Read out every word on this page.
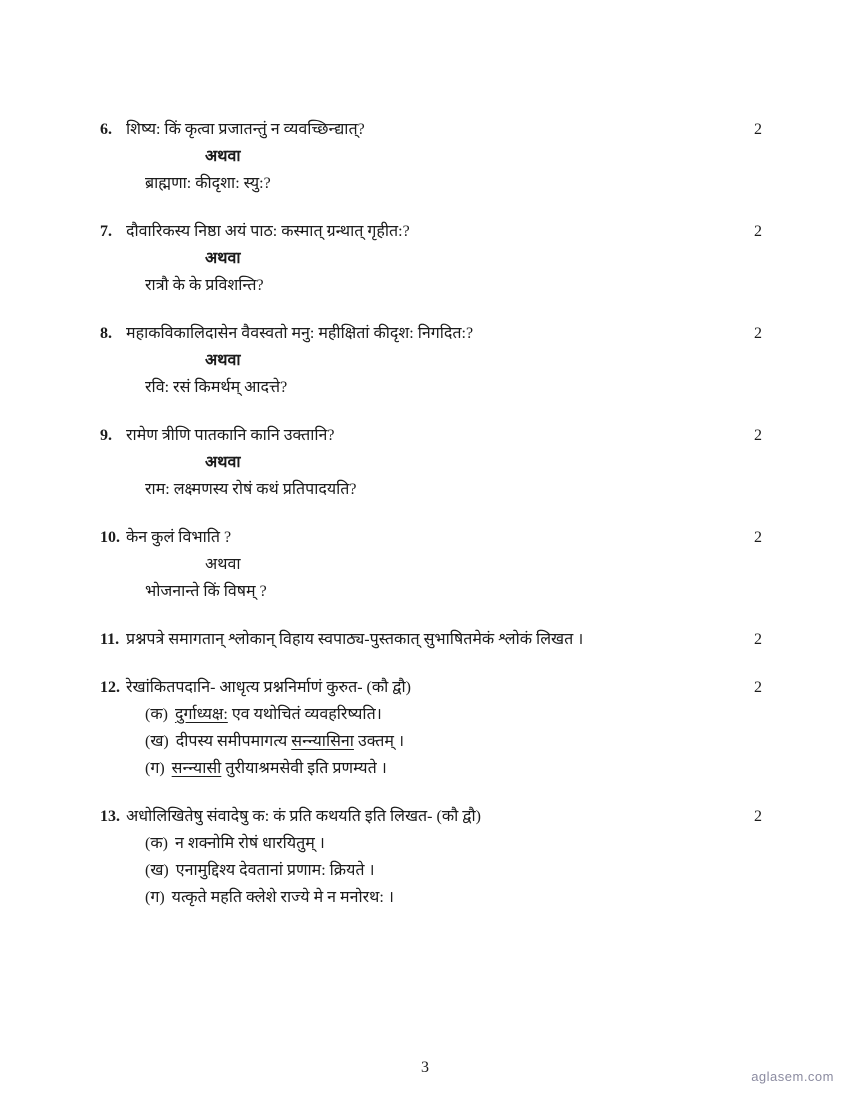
6. शिष्य: किं कृत्वा प्रजातन्तुं न व्यवच्छिन्द्यात्?	2
अथवा
ब्राह्मणा: कीदृशा: स्यु:?
7. दौवारिकस्य निष्ठा अयं पाठ: कस्मात् ग्रन्थात् गृहीत:?	2
अथवा
रात्रौ के के प्रविशन्ति?
8. महाकविकालिदासेन वैवस्वतो मनु: महीक्षितां कीदृश: निगदित:?	2
अथवा
रवि: रसं किमर्थम् आदत्ते?
9. रामेण त्रीणि पातकानि कानि उक्तानि?	2
अथवा
राम: लक्ष्मणस्य रोषं कथं प्रतिपादयति?
10. केन कुलं विभाति ?	2
अथवा
भोजनान्ते किं विषम् ?
11. प्रश्नपत्रे समागतान् श्लोकान् विहाय स्वपाठ्य-पुस्तकात् सुभाषितमेकं श्लोकं लिखत ।	2
12. रेखांकितपदानि- आधृत्य प्रश्ननिर्माणं कुरुत- (कौ द्वौ)	2
(क) दुर्गाध्यक्ष: एव यथोचितं व्यवहरिष्यति।
(ख) दीपस्य समीपमागत्य सन्न्यासिना उक्तम् ।
(ग) सन्न्यासी तुरीयाश्रमसेवी इति प्रणम्यते ।
13. अधोलिखितेषु संवादेषु क: कं प्रति कथयति इति लिखत- (कौ द्वौ)	2
(क) न शक्नोमि रोषं धारयितुम् ।
(ख) एनामुद्दिश्य देवतानां प्रणाम: क्रियते ।
(ग) यत्कृते महति क्लेशे राज्ये मे न मनोरथ: ।
3
aglasem.com
